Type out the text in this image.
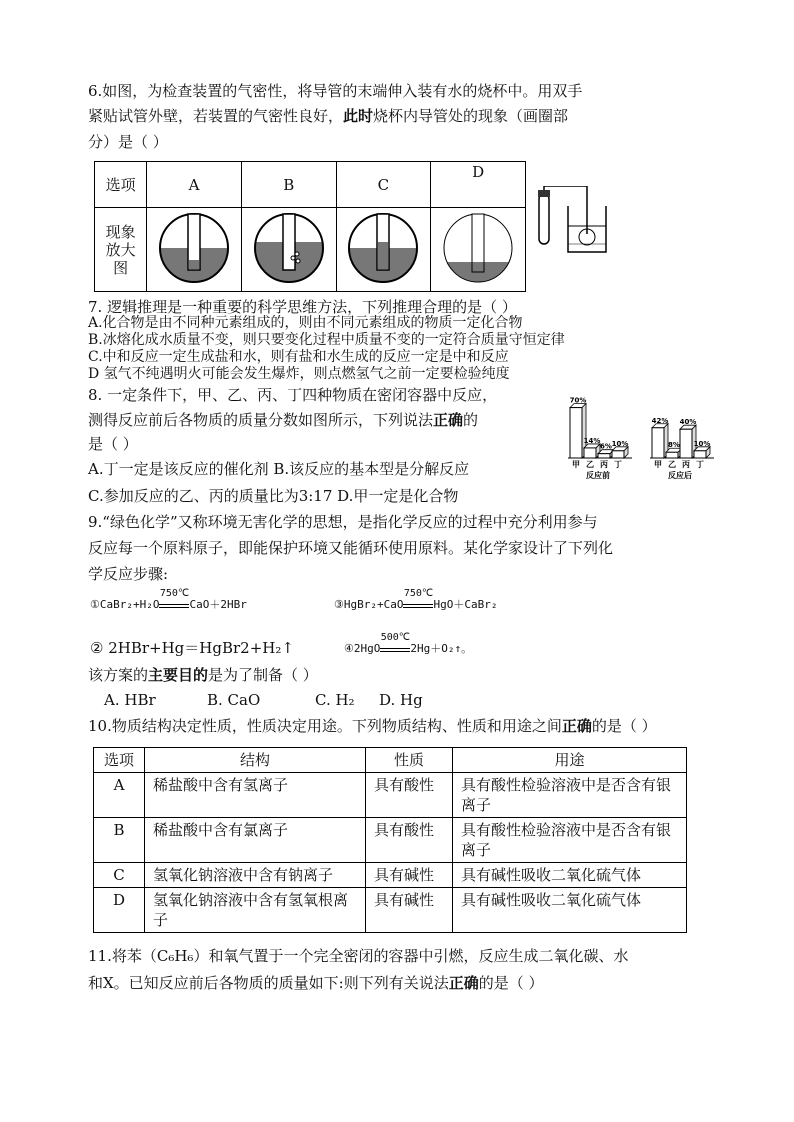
6.如图，为检查装置的气密性，将导管的末端伸入装有水的烧杯中。用双手
紧贴试管外壁，若装置的气密性良好，此时烧杯内导管处的现象（画圈部
分）是（ ）
选项	A	B	C	D

现象
放大
图

7. 逻辑推理是一种重要的科学思维方法，下列推理合理的是（ ）
A.化合物是由不同种元素组成的，则由不同元素组成的物质一定化合物
B.冰熔化成水质量不变，则只要变化过程中质量不变的一定符合质量守恒定律
C.中和反应一定生成盐和水，则有盐和水生成的反应一定是中和反应
D 氢气不纯遇明火可能会发生爆炸，则点燃氢气之前一定要检验纯度
8. 一定条件下，甲、乙、丙、丁四种物质在密闭容器中反应，
测得反应前后各物质的质量分数如图所示，下列说法正确的
是（ ）
A.丁一定是该反应的催化剂 B.该反应的基本型是分解反应
C.参加反应的乙、丙的质量比为3:17 D.甲一定是化合物
70%
甲
14%
乙
6%
丙
10%
丁
反应前
42%
甲
8%
乙
40%
丙
10%
丁
反应后
9.“绿色化学”又称环境无害化学的思想，是指化学反应的过程中充分利用参与
反应每一个原料原子，即能保护环境又能循环使用原料。某化学家设计了下列化
学反应步骤:
①CaBr₂+H₂O
750℃
CaO＋2HBr	③HgBr₂+CaO
750℃
HgO＋CaBr₂
② 2HBr+Hg＝HgBr2+H₂↑	④2HgO
500℃
2Hg＋O₂↑。
该方案的主要目的是为了制备（ ）
A. HBr	B. CaO	C. H₂ D. Hg
10.物质结构决定性质，性质决定用途。下列物质结构、性质和用途之间正确的是（ ）
选项	结构	性质	用途
A	稀盐酸中含有氢离子	具有酸性	具有酸性检验溶液中是否含有银离子
B	稀盐酸中含有氯离子	具有酸性	具有酸性检验溶液中是否含有银离子
C	氢氧化钠溶液中含有钠离子	具有碱性	具有碱性吸收二氧化硫气体
D	氢氧化钠溶液中含有氢氧根离子	具有碱性	具有碱性吸收二氧化硫气体
11.将苯（C₆H₆）和氧气置于一个完全密闭的容器中引燃，反应生成二氧化碳、水
和X。已知反应前后各物质的质量如下:则下列有关说法正确的是（ ）
